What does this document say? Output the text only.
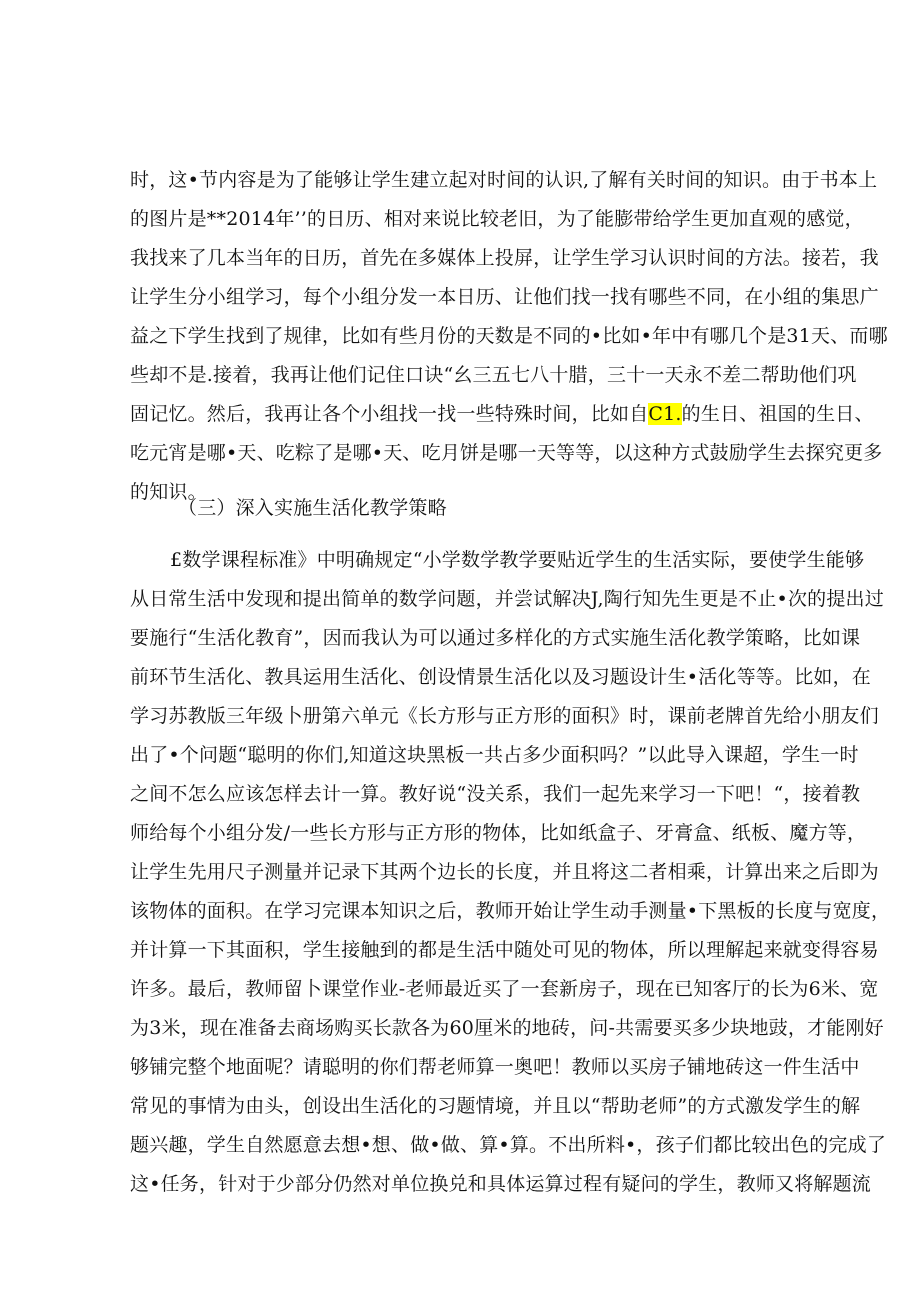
时，这•节内容是为了能够让学生建立起对时间的认识,了解有关时间的知识。由于书本上
的图片是**2014年’’的日历、相对来说比较老旧，为了能膨带给学生更加直观的感觉，
我找来了几本当年的日历，首先在多媒体上投屏，让学生学习认识时间的方法。接若，我
让学生分小组学习，每个小组分发一本日历、让他们找一找有哪些不同，在小组的集思广
益之下学生找到了规律，比如有些月份的天数是不同的•比如•年中有哪几个是31天、而哪
些却不是.接着，我再让他们记住口诀“幺三五七八十腊，三十一天永不差二帮助他们巩
固记忆。然后，我再让各个小组找一找一些特殊时间，比如自C1.的生日、祖国的生日、
吃元宵是哪•天、吃粽了是哪•天、吃月饼是哪一天等等，以这种方式鼓励学生去探究更多
的知识。
（三）深入实施生活化教学策略
£数学课程标准》中明确规定“小学数学教学要贴近学生的生活实际，要使学生能够
从日常生活中发现和提出简单的数学问题，并尝试解决J,陶行知先生更是不止•次的提出过
要施行“生活化教育”，因而我认为可以通过多样化的方式实施生活化教学策略，比如课
前环节生活化、教具运用生活化、创设情景生活化以及习题设计生•活化等等。比如，在
学习苏教版三年级卜册第六单元《长方形与正方形的面积》时，课前老牌首先给小朋友们
出了•个问题“聪明的你们,知道这块黑板一共占多少面积吗？”以此导入课超，学生一时
之间不怎么应该怎样去计一算。教好说“没关系，我们一起先来学习一下吧！“，接着教
师给每个小组分发/一些长方形与正方形的物体，比如纸盒子、牙膏盒、纸板、魔方等，
让学生先用尺子测量并记录下其两个边长的长度，并且将这二者相乘，计算出来之后即为
该物体的面积。在学习完课本知识之后，教师开始让学生动手测量•下黑板的长度与宽度，
并计算一下其面积，学生接触到的都是生活中随处可见的物体，所以理解起来就变得容易
许多。最后，教师留卜课堂作业-老师最近买了一套新房子，现在已知客厅的长为6米、宽
为3米，现在准备去商场购买长款各为60厘米的地砖，问-共需要买多少块地豉，才能刚好
够铺完整个地面呢？请聪明的你们帮老师算一奥吧！教师以买房子铺地砖这一件生活中
常见的事情为由头，创设出生活化的习题情境，并且以“帮助老师”的方式激发学生的解
题兴趣，学生自然愿意去想•想、做•做、算•算。不出所料•，孩子们都比较出色的完成了
这•任务，针对于少部分仍然对单位换兑和具体运算过程有疑问的学生，教师又将解题流
